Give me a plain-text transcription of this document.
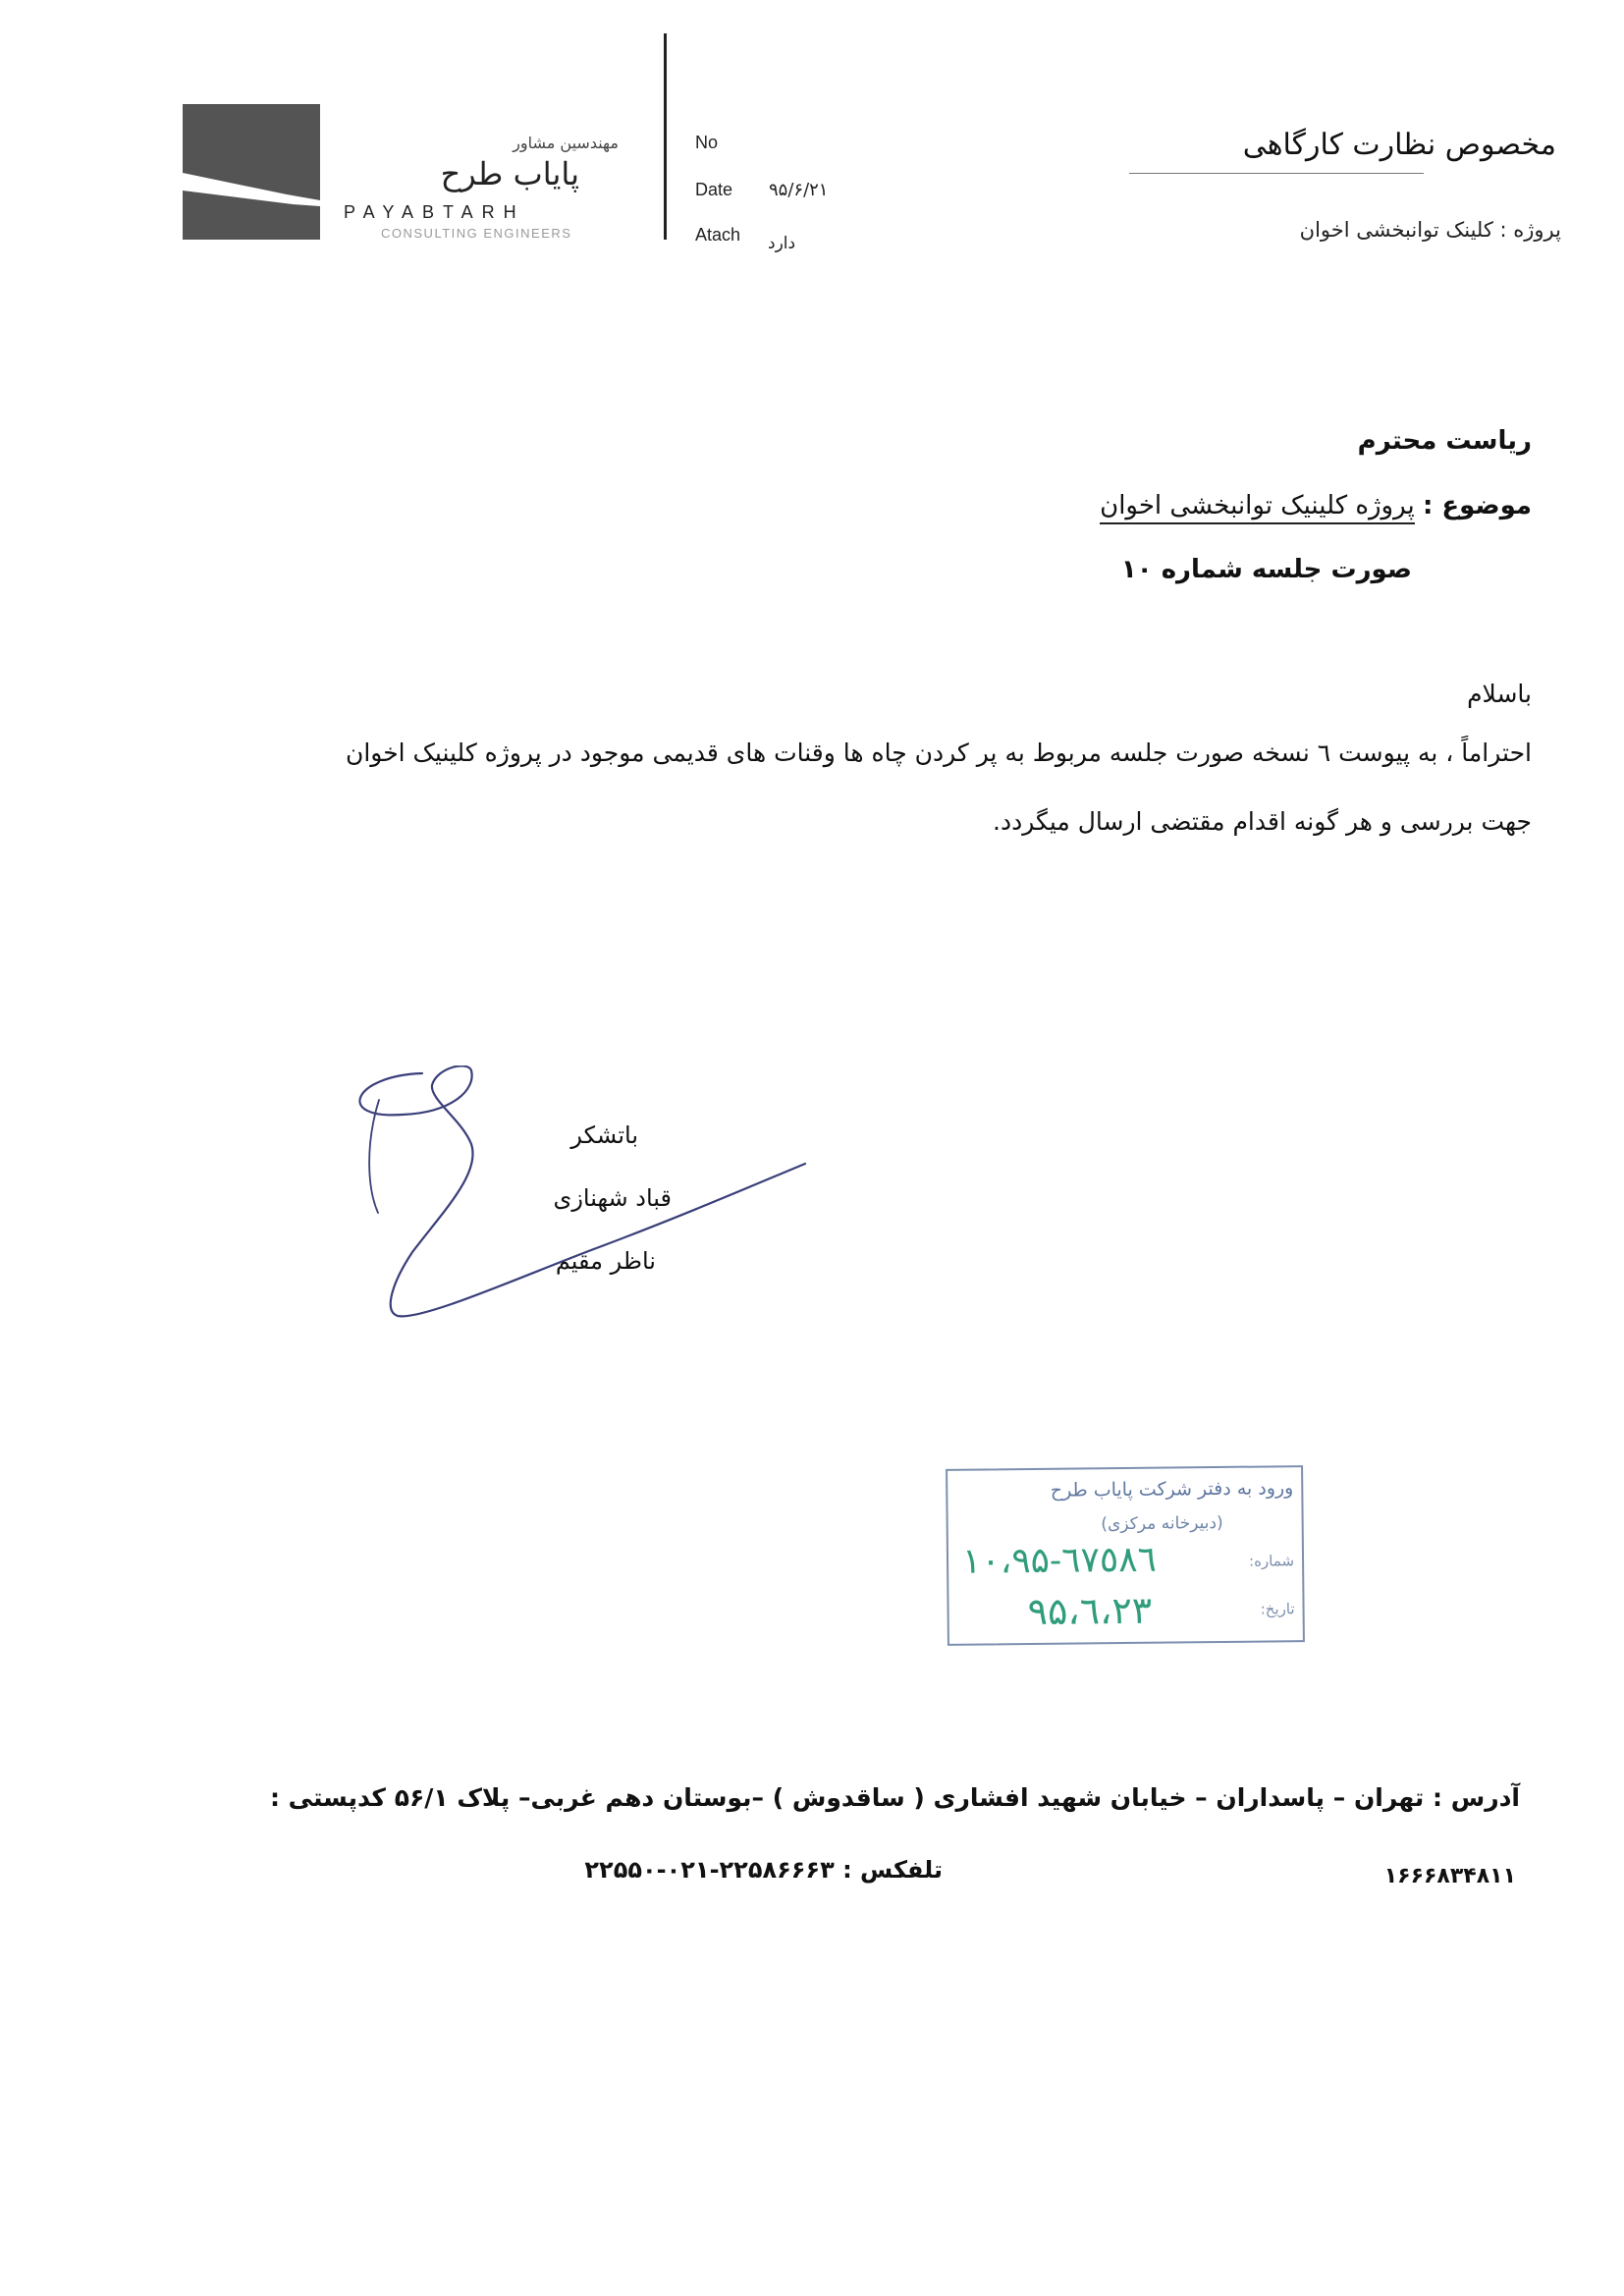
مهندسین مشاور
پایاب طرح
PAYABTARH
CONSULTING ENGINEERS
No
Date ۹۵/۶/۲۱
Atach دارد
مخصوص نظارت کارگاهی
پروژه : کلینک توانبخشی اخوان
ریاست محترم
موضوع : پروژه کلینیک توانبخشی اخوان
صورت جلسه شماره ۱۰
باسلام
احتراماً ، به پیوست ٦ نسخه صورت جلسه مربوط به پر کردن چاه ها وقنات های قدیمی موجود در پروژه کلینیک اخوان
جهت بررسی و هر گونه اقدام مقتضی ارسال میگردد.
باتشکر
قباد شهنازی
ناظر مقیم
ورود به دفتر شرکت پایاب طرح
(دبیرخانه مرکزی)
شماره:
تاریخ:
۱۰،۹۵-٦٧٥٨٦
۹۵،٦،۲۳
آدرس : تهران – پاسداران – خیابان شهید افشاری ( ساقدوش ) –بوستان دهم غربی– پلاک ۵۶/۱ کدپستی :
تلفکس : ۲۲۵۸۶۶۶۳-۰۲۱-۲۲۵۵۰	۱۶۶۶۸۳۴۸۱۱
